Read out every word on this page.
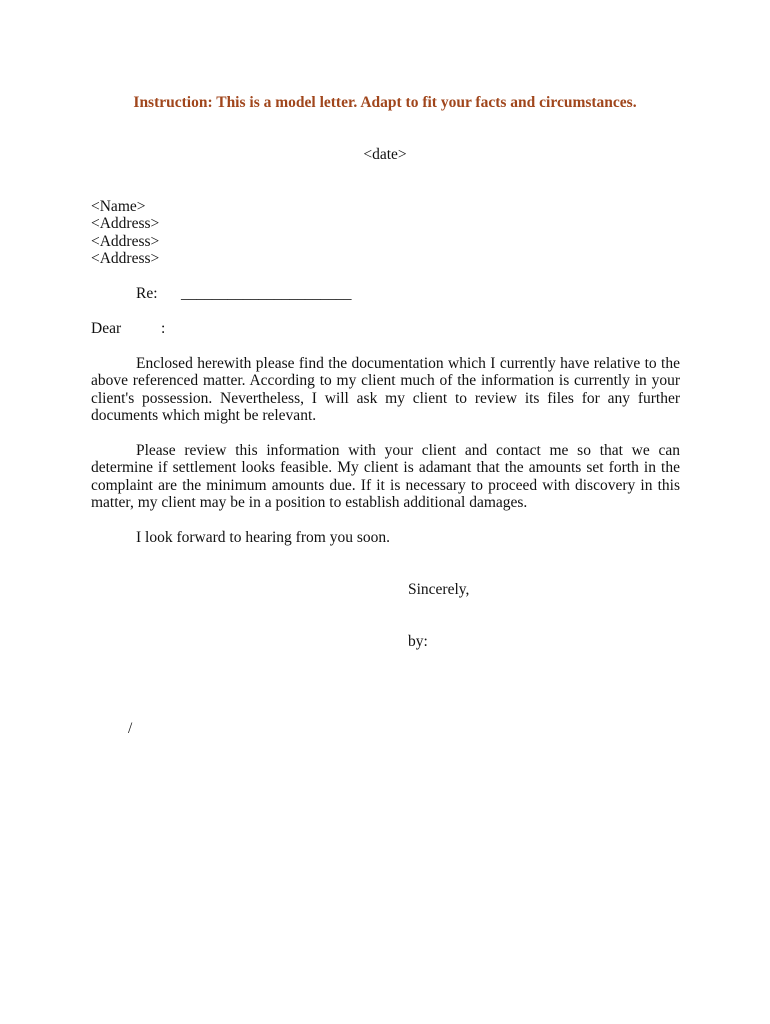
Instruction: This is a model letter. Adapt to fit your facts and circumstances.

<date>

<Name>
<Address>
<Address>
<Address>
Re: ______________________
Dear	:

Enclosed herewith please find the documentation which I currently have relative to the above referenced matter. According to my client much of the information is currently in your client's possession. Nevertheless, I will ask my client to review its files for any further documents which might be relevant.

Please review this information with your client and contact me so that we can determine if settlement looks feasible. My client is adamant that the amounts set forth in the complaint are the minimum amounts due. If it is necessary to proceed with discovery in this matter, my client may be in a position to establish additional damages.

I look forward to hearing from you soon.

Sincerely,

by:

/
